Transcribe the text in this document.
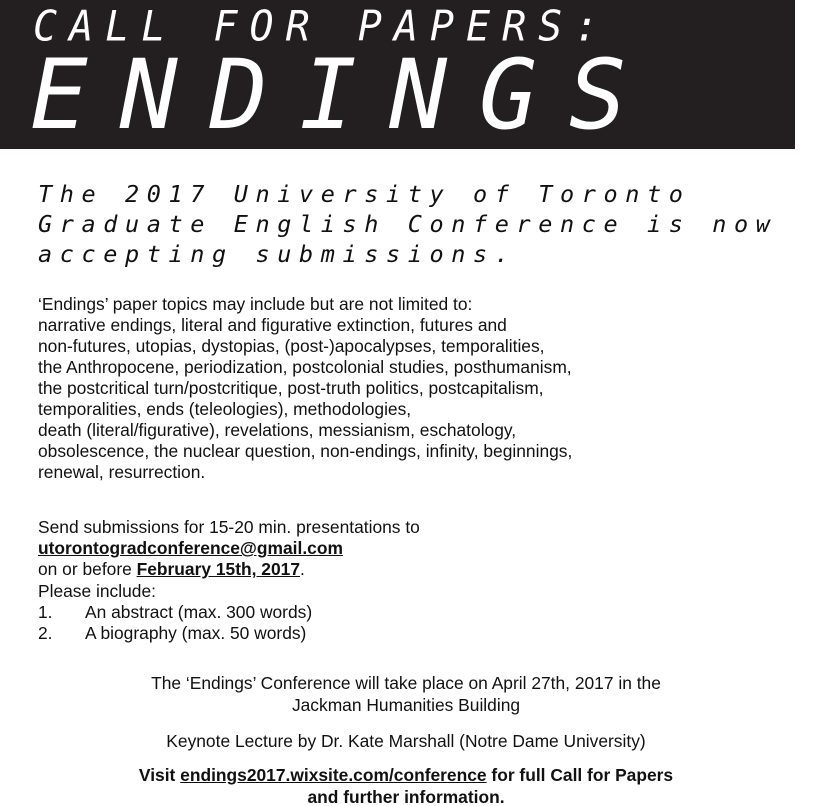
CALL FOR PAPERS:
ENDINGS
The 2017 University of Toronto
Graduate English Conference is now
accepting submissions.
‘Endings’ paper topics may include but are not limited to:
narrative endings, literal and figurative extinction, futures and
non-futures, utopias, dystopias, (post-)apocalypses, temporalities,
the Anthropocene, periodization, postcolonial studies, posthumanism,
the postcritical turn/postcritique, post-truth politics, postcapitalism,
temporalities, ends (teleologies), methodologies,
death (literal/figurative), revelations, messianism, eschatology,
obsolescence, the nuclear question, non-endings, infinity, beginnings,
renewal, resurrection.
Send submissions for 15-20 min. presentations to
utorontogradconference@gmail.com
on or before February 15th, 2017.
Please include:
1.	An abstract (max. 300 words)
2.	A biography (max. 50 words)
The ‘Endings’ Conference will take place on April 27th, 2017 in the
Jackman Humanities Building
Keynote Lecture by Dr. Kate Marshall (Notre Dame University)
Visit endings2017.wixsite.com/conference for full Call for Papers
and further information.
